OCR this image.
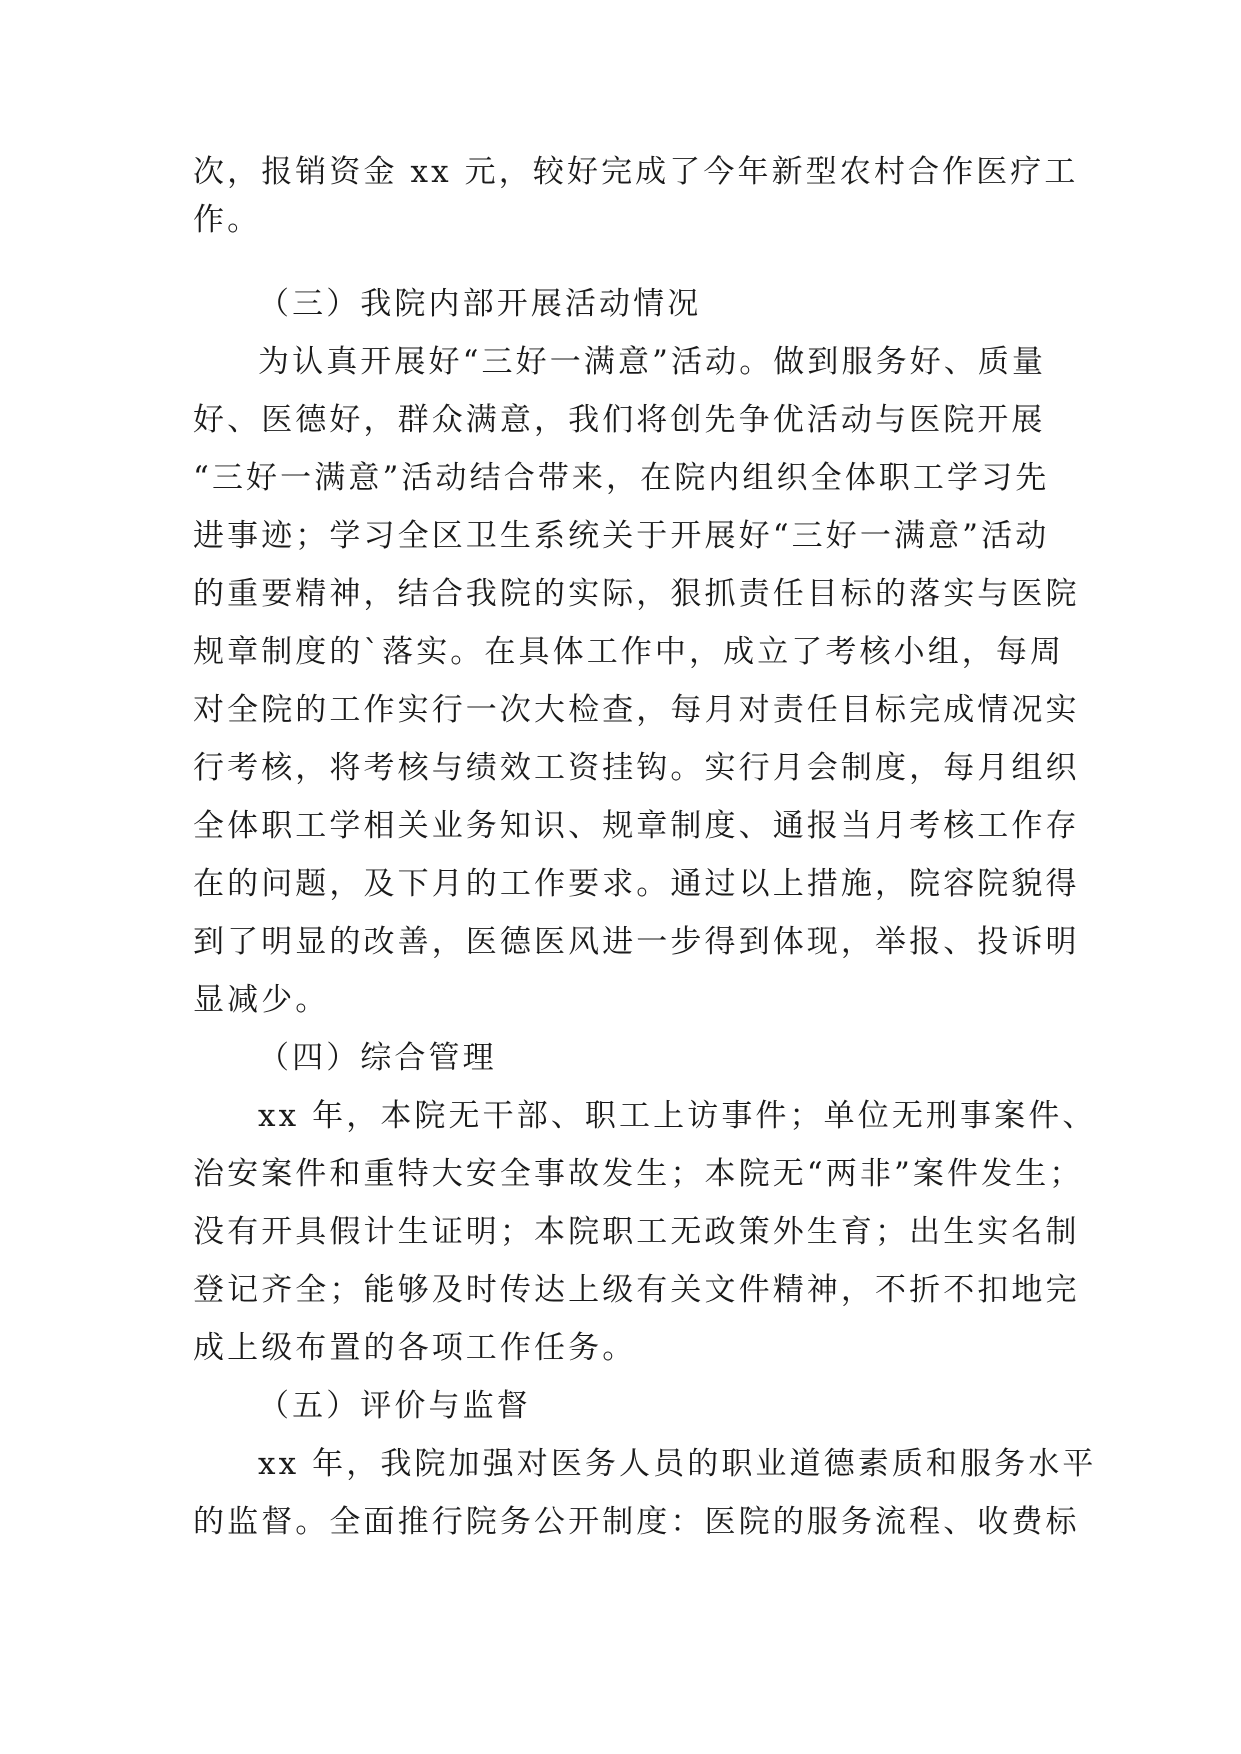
次，报销资金 xx 元，较好完成了今年新型农村合作医疗工
作。
（三）我院内部开展活动情况
为认真开展好“三好一满意”活动。做到服务好、质量
好、医德好，群众满意，我们将创先争优活动与医院开展
“三好一满意”活动结合带来，在院内组织全体职工学习先
进事迹；学习全区卫生系统关于开展好“三好一满意”活动
的重要精神，结合我院的实际，狠抓责任目标的落实与医院
规章制度的`落实。在具体工作中，成立了考核小组，每周
对全院的工作实行一次大检查，每月对责任目标完成情况实
行考核，将考核与绩效工资挂钩。实行月会制度，每月组织
全体职工学相关业务知识、规章制度、通报当月考核工作存
在的问题，及下月的工作要求。通过以上措施，院容院貌得
到了明显的改善，医德医风进一步得到体现，举报、投诉明
显减少。
（四）综合管理
xx 年，本院无干部、职工上访事件；单位无刑事案件、
治安案件和重特大安全事故发生；本院无“两非”案件发生；
没有开具假计生证明；本院职工无政策外生育；出生实名制
登记齐全；能够及时传达上级有关文件精神，不折不扣地完
成上级布置的各项工作任务。
（五）评价与监督
xx 年，我院加强对医务人员的职业道德素质和服务水平
的监督。全面推行院务公开制度：医院的服务流程、收费标
